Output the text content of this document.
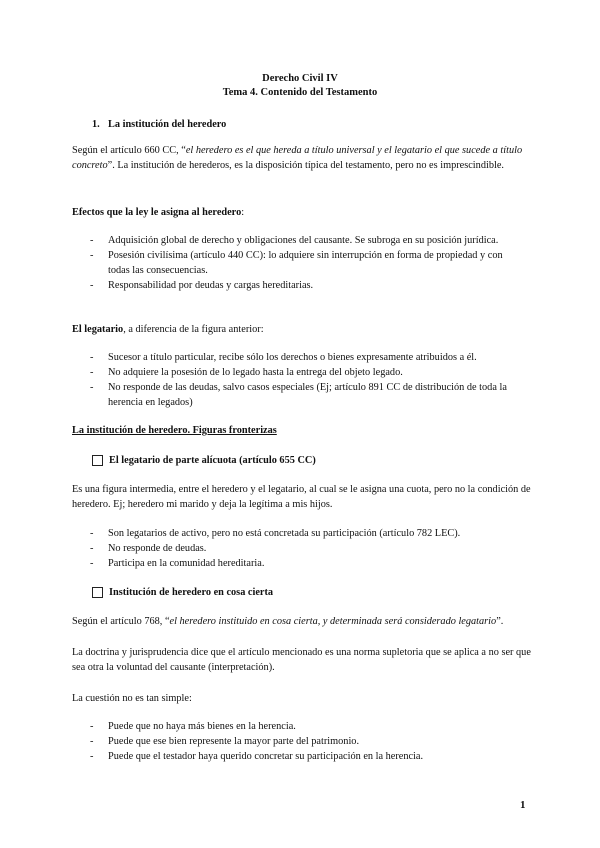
Derecho Civil IV
Tema 4. Contenido del Testamento
1. La institución del heredero
Según el artículo 660 CC, “el heredero es el que hereda a título universal y el legatario el que sucede a título concreto”. La institución de herederos, es la disposición típica del testamento, pero no es imprescindible.
Efectos que la ley le asigna al heredero:
- Adquisición global de derecho y obligaciones del causante. Se subroga en su posición jurídica.
- Posesión civilísima (artículo 440 CC): lo adquiere sin interrupción en forma de propiedad y con todas las consecuencias.
- Responsabilidad por deudas y cargas hereditarias.
El legatario, a diferencia de la figura anterior:
- Sucesor a título particular, recibe sólo los derechos o bienes expresamente atribuidos a él.
- No adquiere la posesión de lo legado hasta la entrega del objeto legado.
- No responde de las deudas, salvo casos especiales (Ej; artículo 891 CC de distribución de toda la herencia en legados)
La institución de heredero. Figuras fronterizas
El legatario de parte alícuota (artículo 655 CC)
Es una figura intermedia, entre el heredero y el legatario, al cual se le asigna una cuota, pero no la condición de heredero. Ej; heredero mi marido y deja la legítima a mis hijos.
- Son legatarios de activo, pero no está concretada su participación (artículo 782 LEC).
- No responde de deudas.
- Participa en la comunidad hereditaria.
Institución de heredero en cosa cierta
Según el artículo 768, “el heredero instituido en cosa cierta, y determinada será considerado legatario”.
La doctrina y jurisprudencia dice que el artículo mencionado es una norma supletoria que se aplica a no ser que sea otra la voluntad del causante (interpretación).
La cuestión no es tan simple:
- Puede que no haya más bienes en la herencia.
- Puede que ese bien represente la mayor parte del patrimonio.
- Puede que el testador haya querido concretar su participación en la herencia.
1
